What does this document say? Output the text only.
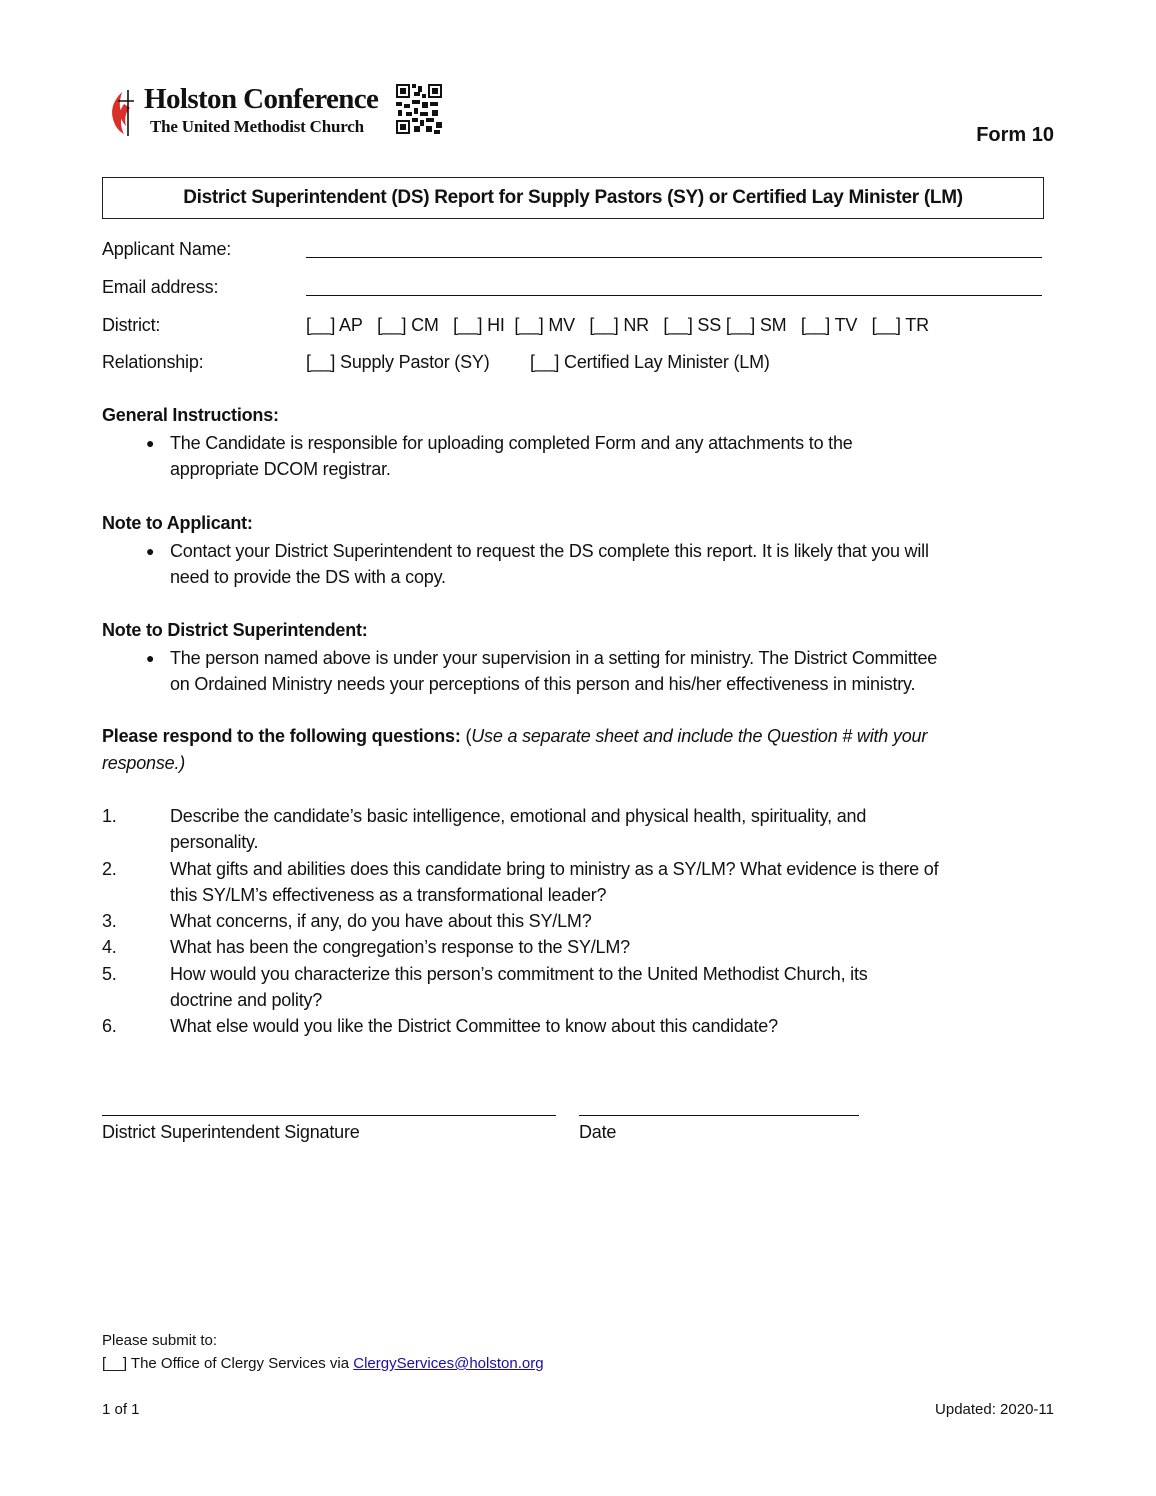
Holston Conference
The United Methodist Church	Form 10
District Superintendent (DS) Report for Supply Pastors (SY) or Certified Lay Minister (LM)
Applicant Name:
Email address:
District:	[__] AP [__] CM [__] HI [__] MV [__] NR [__] SS [__] SM [__] TV [__] TR
Relationship:	[__] Supply Pastor (SY) [__] Certified Lay Minister (LM)
General Instructions:
● The Candidate is responsible for uploading completed Form and any attachments to the
appropriate DCOM registrar.
Note to Applicant:
● Contact your District Superintendent to request the DS complete this report. It is likely that you will
need to provide the DS with a copy.
Note to District Superintendent:
● The person named above is under your supervision in a setting for ministry. The District Committee
on Ordained Ministry needs your perceptions of this person and his/her effectiveness in ministry.
Please respond to the following questions: (Use a separate sheet and include the Question # with your
response.)
1.	Describe the candidate’s basic intelligence, emotional and physical health, spirituality, and
personality.
2.	What gifts and abilities does this candidate bring to ministry as a SY/LM? What evidence is there of
this SY/LM’s effectiveness as a transformational leader?
3.	What concerns, if any, do you have about this SY/LM?
4.	What has been the congregation’s response to the SY/LM?
5.	How would you characterize this person’s commitment to the United Methodist Church, its
doctrine and polity?
6.	What else would you like the District Committee to know about this candidate?
District Superintendent Signature	Date
Please submit to:
[__] The Office of Clergy Services via ClergyServices@holston.org
1 of 1	Updated: 2020-11
